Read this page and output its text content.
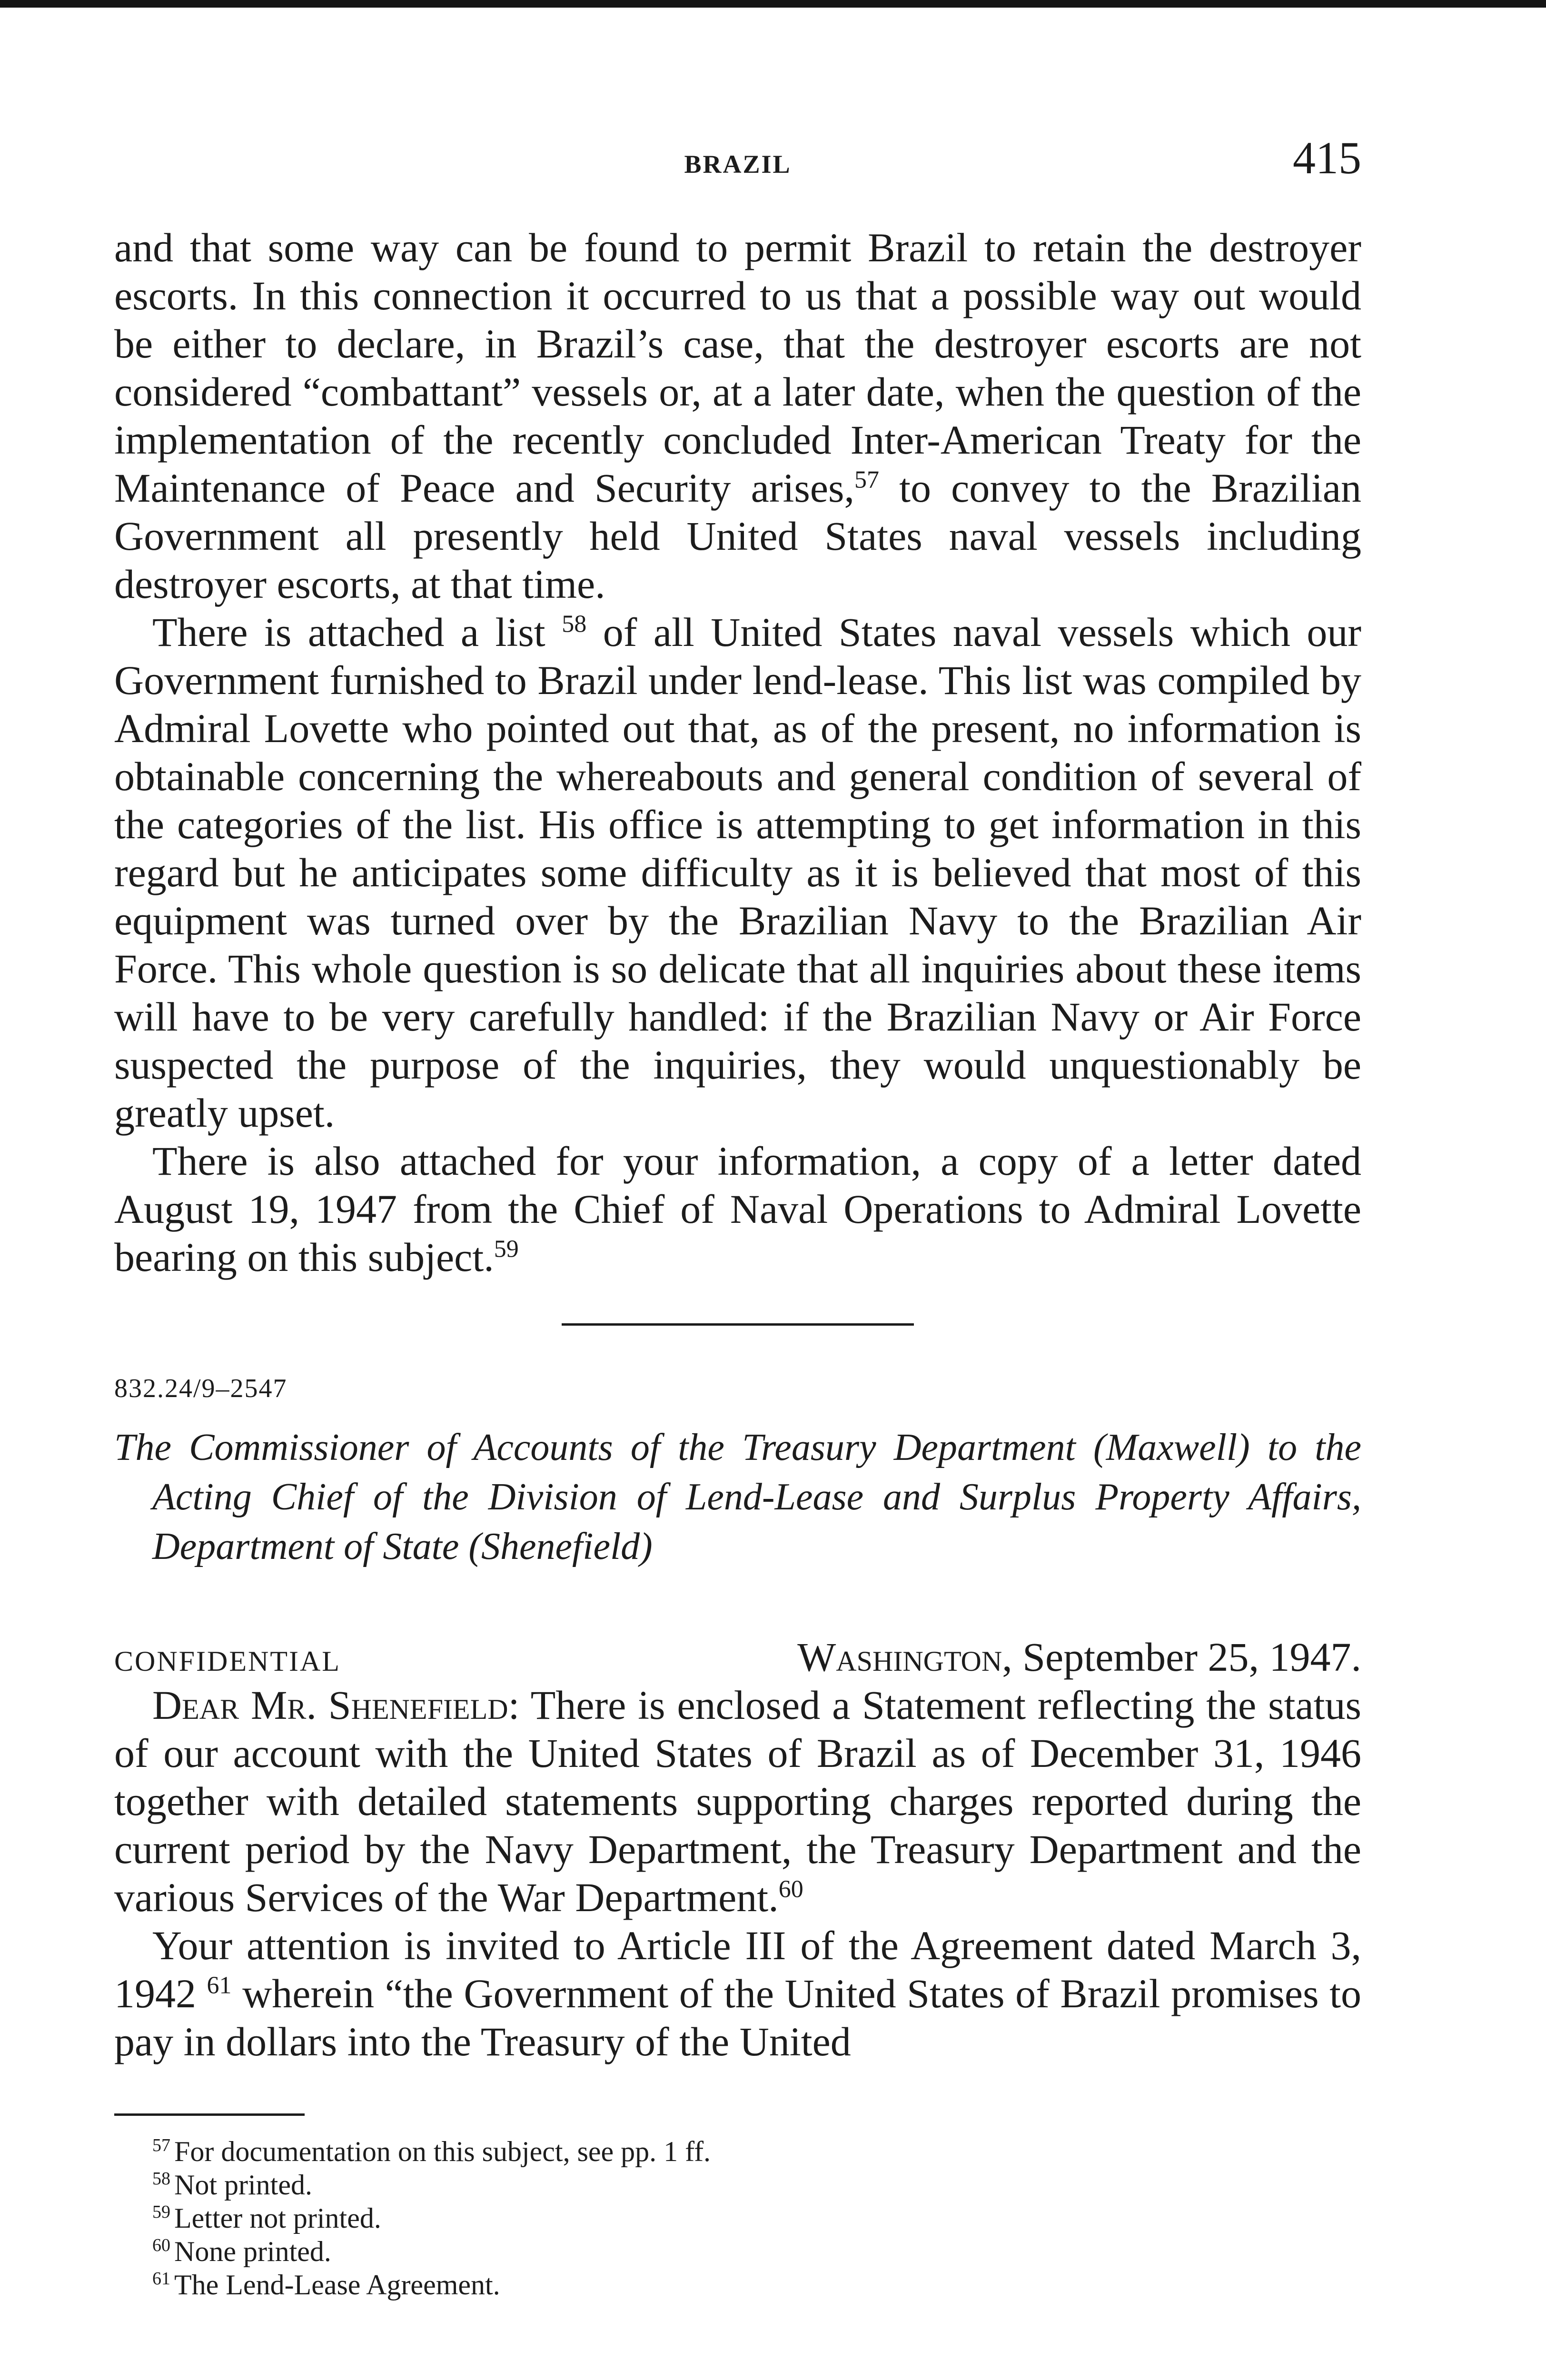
BRAZIL	415

and that some way can be found to permit Brazil to retain the destroyer escorts. In this connection it occurred to us that a possible way out would be either to declare, in Brazil’s case, that the destroyer escorts are not considered “combattant” vessels or, at a later date, when the question of the implementation of the recently concluded Inter-American Treaty for the Maintenance of Peace and Security arises,$^{57}$ to convey to the Brazilian Government all presently held United States naval vessels including destroyer escorts, at that time.

There is attached a list $^{58}$ of all United States naval vessels which our Government furnished to Brazil under lend-lease. This list was compiled by Admiral Lovette who pointed out that, as of the present, no information is obtainable concerning the whereabouts and general condition of several of the categories of the list. His office is attempting to get information in this regard but he anticipates some difficulty as it is believed that most of this equipment was turned over by the Brazilian Navy to the Brazilian Air Force. This whole question is so delicate that all inquiries about these items will have to be very carefully handled: if the Brazilian Navy or Air Force suspected the purpose of the inquiries, they would unquestionably be greatly upset.

There is also attached for your information, a copy of a letter dated August 19, 1947 from the Chief of Naval Operations to Admiral Lovette bearing on this subject.$^{59}$

832.24/9–2547

The Commissioner of Accounts of the Treasury Department (Maxwell) to the Acting Chief of the Division of Lend-Lease and Surplus Property Affairs, Department of State (Shenefield)

CONFIDENTIAL	Washington, September 25, 1947.

Dear Mr. Shenefield: There is enclosed a Statement reflecting the status of our account with the United States of Brazil as of December 31, 1946 together with detailed statements supporting charges reported during the current period by the Navy Department, the Treasury Department and the various Services of the War Department.$^{60}$

Your attention is invited to Article III of the Agreement dated March 3, 1942 $^{61}$ wherein “the Government of the United States of Brazil promises to pay in dollars into the Treasury of the United

$^{57}$ For documentation on this subject, see pp. 1 ff.

$^{58}$ Not printed.

$^{59}$ Letter not printed.

$^{60}$ None printed.

$^{61}$ The Lend-Lease Agreement.
